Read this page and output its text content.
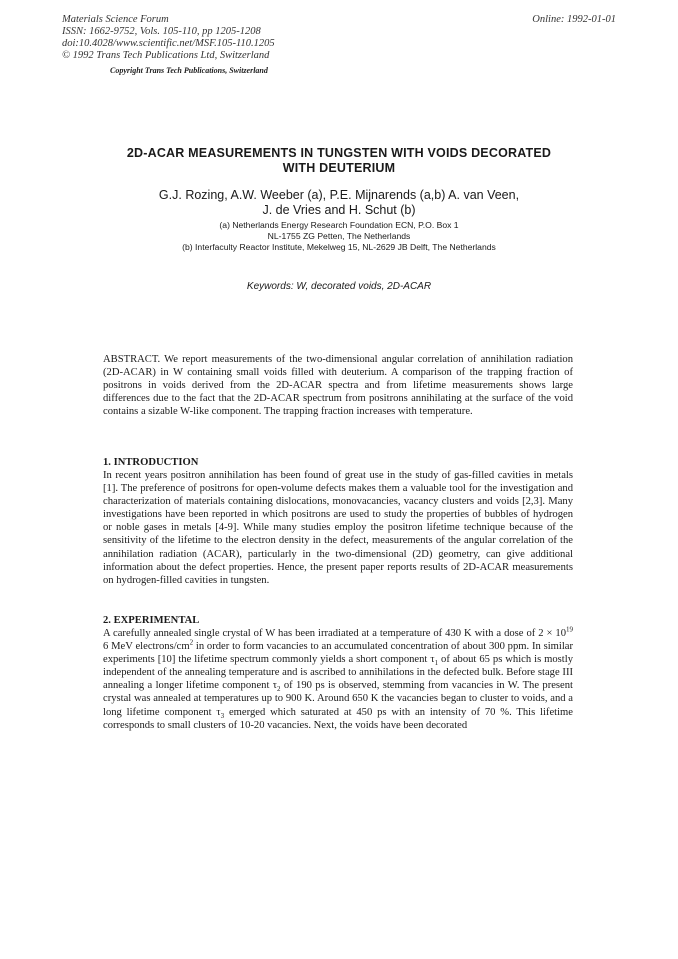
Materials Science Forum
ISSN: 1662-9752, Vols. 105-110, pp 1205-1208
doi:10.4028/www.scientific.net/MSF.105-110.1205
© 1992 Trans Tech Publications Ltd, Switzerland
Online: 1992-01-01
Copyright Trans Tech Publications, Switzerland
2D-ACAR MEASUREMENTS IN TUNGSTEN WITH VOIDS DECORATED
WITH DEUTERIUM
G.J. Rozing, A.W. Weeber (a), P.E. Mijnarends (a,b) A. van Veen,
J. de Vries and H. Schut (b)
(a) Netherlands Energy Research Foundation ECN, P.O. Box 1
NL-1755 ZG Petten, The Netherlands
(b) Interfaculty Reactor Institute, Mekelweg 15, NL-2629 JB Delft, The Netherlands
Keywords: W, decorated voids, 2D-ACAR
ABSTRACT. We report measurements of the two-dimensional angular correlation of annihilation radiation (2D-ACAR) in W containing small voids filled with deuterium. A comparison of the trapping fraction of positrons in voids derived from the 2D-ACAR spectra and from lifetime measurements shows large differences due to the fact that the 2D-ACAR spectrum from positrons annihilating at the surface of the void contains a sizable W-like component. The trapping fraction increases with temperature.
1. INTRODUCTION
In recent years positron annihilation has been found of great use in the study of gas-filled cavities in metals [1]. The preference of positrons for open-volume defects makes them a valuable tool for the investigation and characterization of materials containing dislocations, monovacancies, vacancy clusters and voids [2,3]. Many investigations have been reported in which positrons are used to study the properties of bubbles of hydrogen or noble gases in metals [4-9]. While many studies employ the positron lifetime technique because of the sensitivity of the lifetime to the electron density in the defect, measurements of the angular correlation of the annihilation radiation (ACAR), particularly in the two-dimensional (2D) geometry, can give additional information about the defect properties. Hence, the present paper reports results of 2D-ACAR measurements on hydrogen-filled cavities in tungsten.
2. EXPERIMENTAL
A carefully annealed single crystal of W has been irradiated at a temperature of 430 K with a dose of $2 \times 10^{19}$ 6 MeV electrons/$cm^2$ in order to form vacancies to an accumulated concentration of about 300 ppm. In similar experiments [10] the lifetime spectrum commonly yields a short component $\tau_1$ of about 65 ps which is mostly independent of the annealing temperature and is ascribed to annihilations in the defected bulk. Before stage III annealing a longer lifetime component $\tau_2$ of 190 ps is observed, stemming from vacancies in W. The present crystal was annealed at temperatures up to 900 K. Around 650 K the vacancies began to cluster to voids, and a long lifetime component $\tau_3$ emerged which saturated at 450 ps with an intensity of 70 %. This lifetime corresponds to small clusters of 10-20 vacancies. Next, the voids have been decorated
